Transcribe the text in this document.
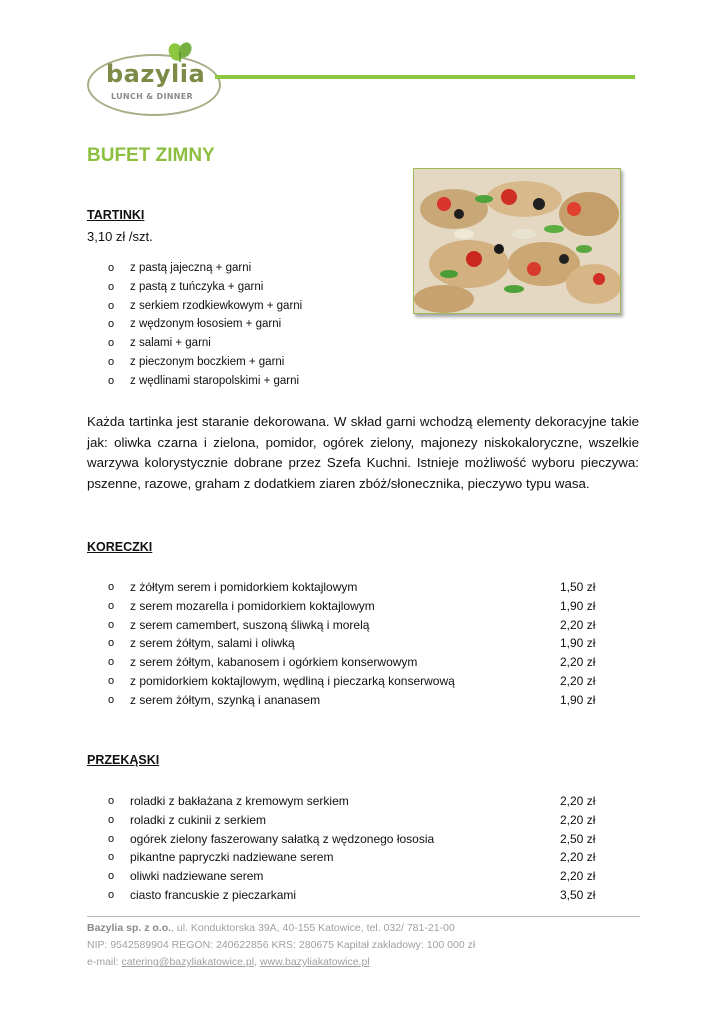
bazylia
LUNCH & DINNER
BUFET ZIMNY
TARTINKI
3,10 zł /szt.
o z pastą jajeczną + garni
o z pastą z tuńczyka + garni
o z serkiem rzodkiewkowym + garni
o z wędzonym łososiem + garni
o z salami + garni
o z pieczonym boczkiem + garni
o z wędlinami staropolskimi + garni
Każda tartinka jest staranie dekorowana. W skład garni wchodzą elementy dekoracyjne takie jak: oliwka czarna i zielona, pomidor, ogórek zielony, majonezy niskokaloryczne, wszelkie warzywa kolorystycznie dobrane przez Szefa Kuchni. Istnieje możliwość wyboru pieczywa: pszenne, razowe, graham z dodatkiem ziaren zbóż/słonecznika, pieczywo typu wasa.
KORECZKI
o z żółtym serem i pomidorkiem koktajlowym	1,50 zł
o z serem mozarella i pomidorkiem koktajlowym	1,90 zł
o z serem camembert, suszoną śliwką i morelą	2,20 zł
o z serem żółtym, salami i oliwką	1,90 zł
o z serem żółtym, kabanosem i ogórkiem konserwowym	2,20 zł
o z pomidorkiem koktajlowym, wędliną i pieczarką konserwową	2,20 zł
o z serem żółtym, szynką i ananasem	1,90 zł
PRZEKĄSKI
o roladki z bakłażana z kremowym serkiem	2,20 zł
o roladki z cukinii z serkiem	2,20 zł
o ogórek zielony faszerowany sałatką z wędzonego łososia	2,50 zł
o pikantne papryczki nadziewane serem	2,20 zł
o oliwki nadziewane serem	2,20 zł
o ciasto francuskie z pieczarkami	3,50 zł
Bazylia sp. z o.o., ul. Konduktorska 39A, 40-155 Katowice, tel. 032/ 781-21-00
NIP: 9542589904 REGON: 240622856 KRS: 280675 Kapitał zakładowy: 100 000 zł
e-mail: catering@bazyliakatowice.pl, www.bazyliakatowice.pl
